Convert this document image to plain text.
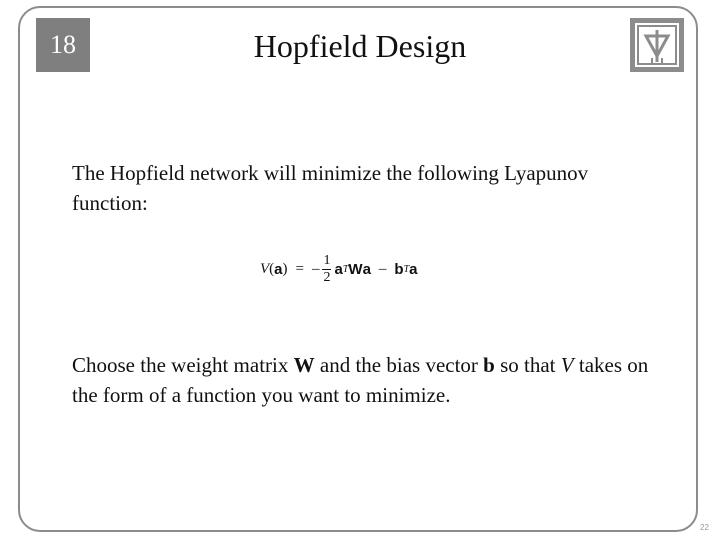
18	Hopfield Design
The Hopfield network will minimize the following Lyapunov function:
V ( a ) = – $\frac{1}{2}$ a T W a – b T a
Choose the weight matrix W and the bias vector b so that V takes on the form of a function you want to minimize.
22
